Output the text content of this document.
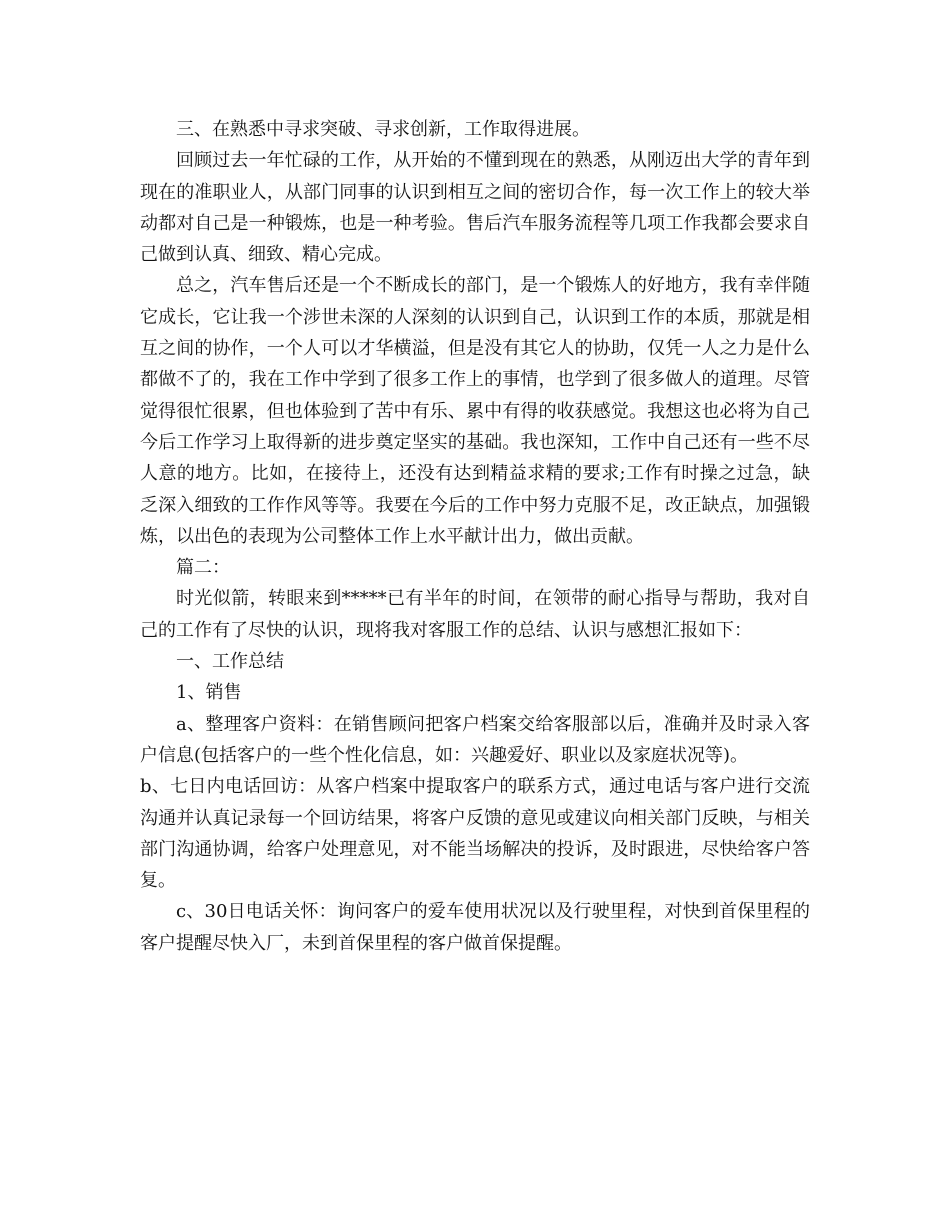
三、在熟悉中寻求突破、寻求创新，工作取得进展。

回顾过去一年忙碌的工作，从开始的不懂到现在的熟悉，从刚迈出大学的青年到现在的准职业人，从部门同事的认识到相互之间的密切合作，每一次工作上的较大举动都对自己是一种锻炼，也是一种考验。售后汽车服务流程等几项工作我都会要求自己做到认真、细致、精心完成。

总之，汽车售后还是一个不断成长的部门，是一个锻炼人的好地方，我有幸伴随它成长，它让我一个涉世未深的人深刻的认识到自己，认识到工作的本质，那就是相互之间的协作，一个人可以才华横溢，但是没有其它人的协助，仅凭一人之力是什么都做不了的，我在工作中学到了很多工作上的事情，也学到了很多做人的道理。尽管觉得很忙很累，但也体验到了苦中有乐、累中有得的收获感觉。我想这也必将为自己今后工作学习上取得新的进步奠定坚实的基础。我也深知，工作中自己还有一些不尽人意的地方。比如，在接待上，还没有达到精益求精的要求;工作有时操之过急，缺乏深入细致的工作作风等等。我要在今后的工作中努力克服不足，改正缺点，加强锻炼，以出色的表现为公司整体工作上水平献计出力，做出贡献。

篇二：

时光似箭，转眼来到*****已有半年的时间，在领带的耐心指导与帮助，我对自己的工作有了尽快的认识，现将我对客服工作的总结、认识与感想汇报如下：

一、工作总结

1、销售

a、整理客户资料：在销售顾问把客户档案交给客服部以后，准确并及时录入客户信息(包括客户的一些个性化信息，如：兴趣爱好、职业以及家庭状况等)。

b、七日内电话回访：从客户档案中提取客户的联系方式，通过电话与客户进行交流沟通并认真记录每一个回访结果，将客户反馈的意见或建议向相关部门反映，与相关部门沟通协调，给客户处理意见，对不能当场解决的投诉，及时跟进，尽快给客户答复。

c、30日电话关怀：询问客户的爱车使用状况以及行驶里程，对快到首保里程的客户提醒尽快入厂，未到首保里程的客户做首保提醒。
